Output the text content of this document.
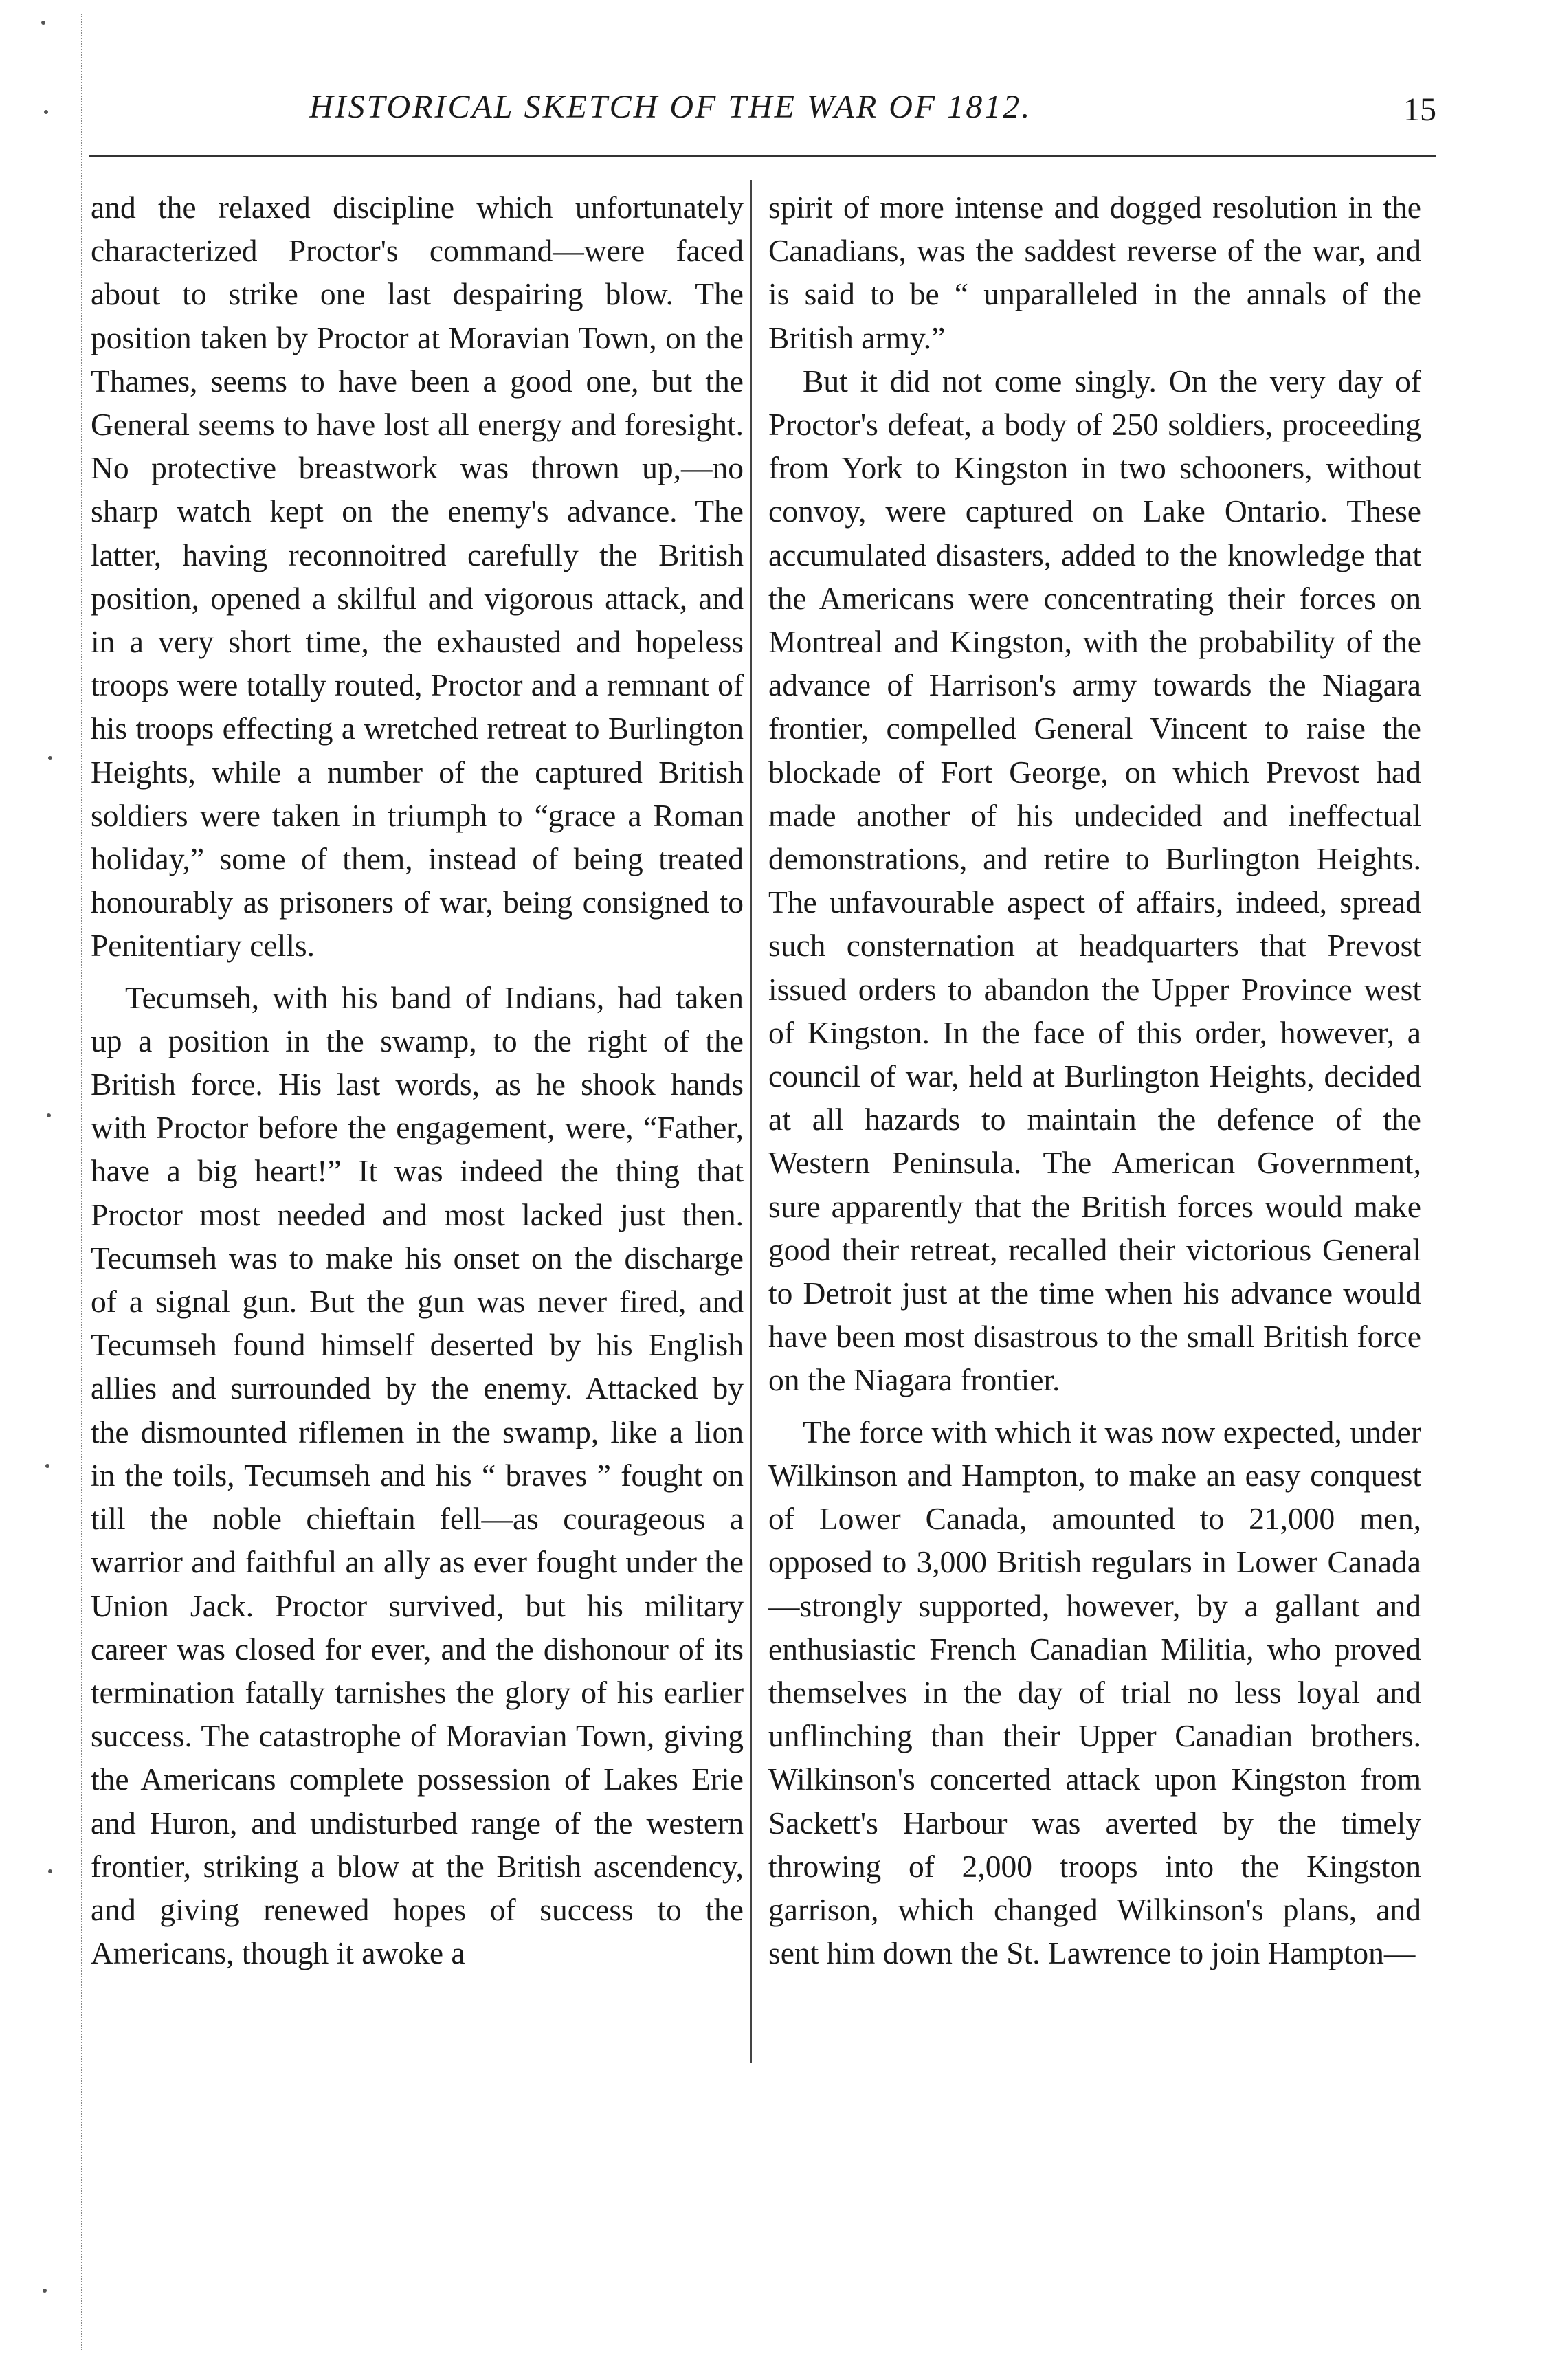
HISTORICAL SKETCH OF THE WAR OF 1812.	15

and the relaxed discipline which unfortunately characterized Proctor's command—were faced about to strike one last despairing blow. The position taken by Proctor at Moravian Town, on the Thames, seems to have been a good one, but the General seems to have lost all energy and foresight. No protective breastwork was thrown up,—no sharp watch kept on the enemy's advance. The latter, having reconnoitred carefully the British position, opened a skilful and vigorous attack, and in a very short time, the exhausted and hopeless troops were totally routed, Proctor and a remnant of his troops effecting a wretched retreat to Burlington Heights, while a number of the captured British soldiers were taken in triumph to “grace a Roman holiday,” some of them, instead of being treated honourably as prisoners of war, being consigned to Penitentiary cells.

Tecumseh, with his band of Indians, had taken up a position in the swamp, to the right of the British force. His last words, as he shook hands with Proctor before the engagement, were, “Father, have a big heart!” It was indeed the thing that Proctor most needed and most lacked just then. Tecumseh was to make his onset on the discharge of a signal gun. But the gun was never fired, and Tecumseh found himself deserted by his English allies and surrounded by the enemy. Attacked by the dismounted riflemen in the swamp, like a lion in the toils, Tecumseh and his “ braves ” fought on till the noble chieftain fell—as courageous a warrior and faithful an ally as ever fought under the Union Jack. Proctor survived, but his military career was closed for ever, and the dishonour of its termination fatally tarnishes the glory of his earlier success. The catastrophe of Moravian Town, giving the Americans complete possession of Lakes Erie and Huron, and undisturbed range of the western frontier, striking a blow at the British ascendency, and giving renewed hopes of success to the Americans, though it awoke a

spirit of more intense and dogged resolution in the Canadians, was the saddest reverse of the war, and is said to be “ unparalleled in the annals of the British army.”

But it did not come singly. On the very day of Proctor's defeat, a body of 250 soldiers, proceeding from York to Kingston in two schooners, without convoy, were captured on Lake Ontario. These accumulated disasters, added to the knowledge that the Americans were concentrating their forces on Montreal and Kingston, with the probability of the advance of Harrison's army towards the Niagara frontier, compelled General Vincent to raise the blockade of Fort George, on which Prevost had made another of his undecided and ineffectual demonstrations, and retire to Burlington Heights. The unfavourable aspect of affairs, indeed, spread such consternation at headquarters that Prevost issued orders to abandon the Upper Province west of Kingston. In the face of this order, however, a council of war, held at Burlington Heights, decided at all hazards to maintain the defence of the Western Peninsula. The American Government, sure apparently that the British forces would make good their retreat, recalled their victorious General to Detroit just at the time when his advance would have been most disastrous to the small British force on the Niagara frontier.

The force with which it was now expected, under Wilkinson and Hampton, to make an easy conquest of Lower Canada, amounted to 21,000 men, opposed to 3,000 British regulars in Lower Canada—strongly supported, however, by a gallant and enthusiastic French Canadian Militia, who proved themselves in the day of trial no less loyal and unflinching than their Upper Canadian brothers. Wilkinson's concerted attack upon Kingston from Sackett's Harbour was averted by the timely throwing of 2,000 troops into the Kingston garrison, which changed Wilkinson's plans, and sent him down the St. Lawrence to join Hampton—
